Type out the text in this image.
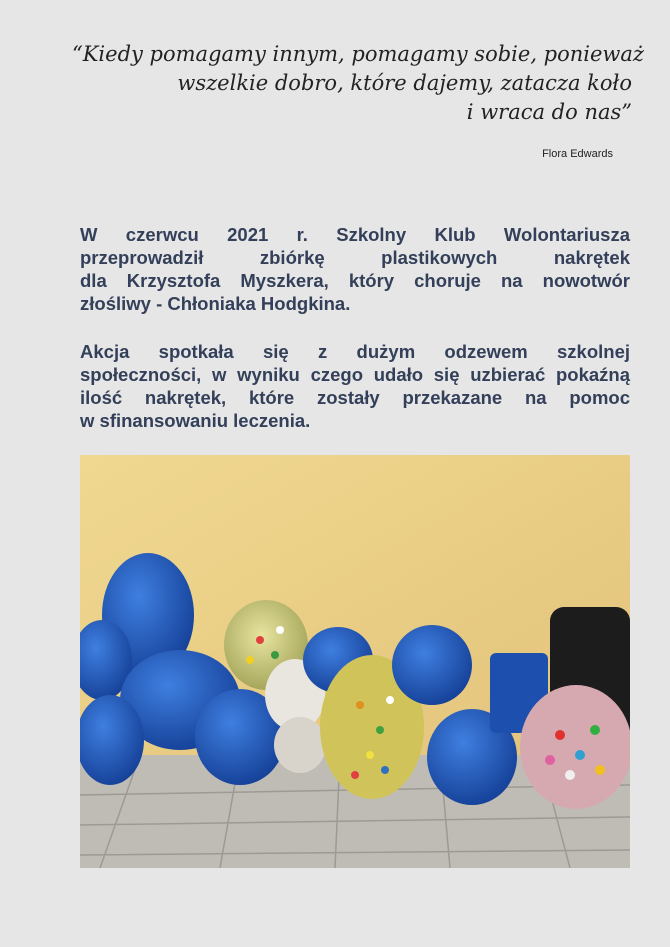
“Kiedy pomagamy innym, pomagamy sobie, ponieważ
wszelkie dobro, które dajemy, zatacza koło
i wraca do nas”
Flora Edwards
W czerwcu 2021 r. Szkolny Klub Wolontariusza
przeprowadził zbiórkę plastikowych nakrętek
dla Krzysztofa Myszkera, który choruje na nowotwór
złośliwy - Chłoniaka Hodgkina.
Akcja spotkała się z dużym odzewem szkolnej
społeczności, w wyniku czego udało się uzbierać pokaźną
ilość nakrętek, które zostały przekazane na pomoc
w sfinansowaniu leczenia.
